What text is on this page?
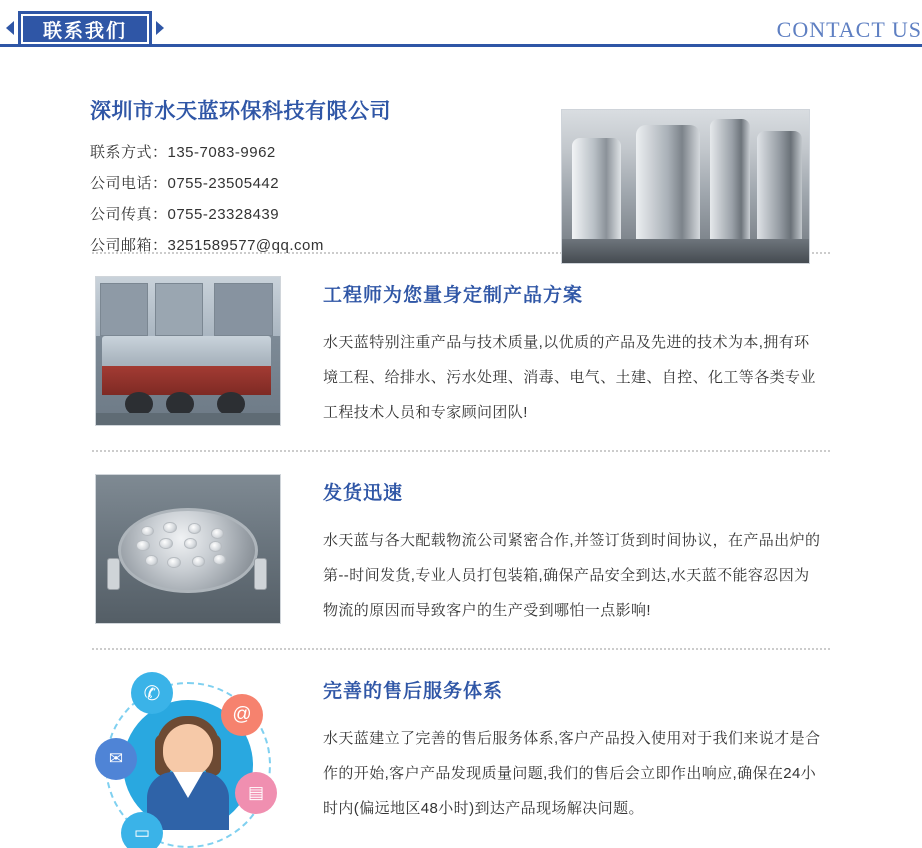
联系我们	CONTACT US
深圳市水天蓝环保科技有限公司
联系方式：135-7083-9962
公司电话：0755-23505442
公司传真：0755-23328439
公司邮箱：3251589577@qq.com
工程师为您量身定制产品方案
水天蓝特别注重产品与技术质量,以优质的产品及先进的技术为本,拥有环境工程、给排水、污水处理、消毒、电气、土建、自控、化工等各类专业工程技术人员和专家顾问团队!
发货迅速
水天蓝与各大配载物流公司紧密合作,并签订货到时间协议，在产品出炉的第--时间发货,专业人员打包装箱,确保产品安全到达,水天蓝不能容忍因为物流的原因而导致客户的生产受到哪怕一点影响!
✆
@
✉
▤
▭
完善的售后服务体系
水天蓝建立了完善的售后服务体系,客户产品投入使用对于我们来说才是合作的开始,客户产品发现质量问题,我们的售后会立即作出响应,确保在24小时内(偏远地区48小时)到达产品现场解决问题。
